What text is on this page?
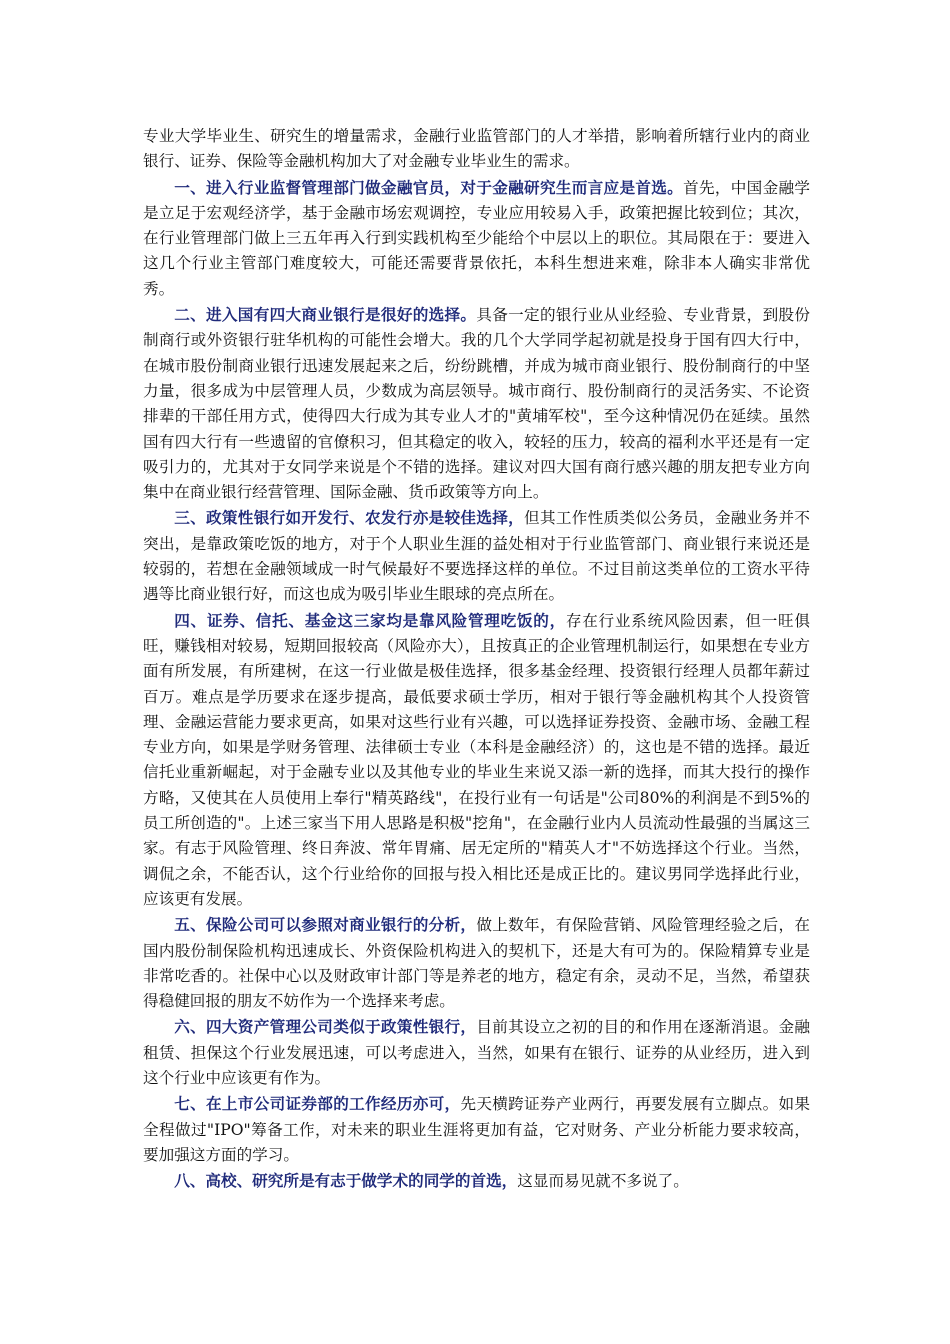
专业大学毕业生、研究生的增量需求，金融行业监管部门的人才举措，影响着所辖行业内的商业银行、证券、保险等金融机构加大了对金融专业毕业生的需求。

一、进入行业监督管理部门做金融官员，对于金融研究生而言应是首选。首先，中国金融学是立足于宏观经济学，基于金融市场宏观调控，专业应用较易入手，政策把握比较到位；其次，在行业管理部门做上三五年再入行到实践机构至少能给个中层以上的职位。其局限在于：要进入这几个行业主管部门难度较大，可能还需要背景依托，本科生想进来难，除非本人确实非常优秀。

二、进入国有四大商业银行是很好的选择。具备一定的银行业从业经验、专业背景，到股份制商行或外资银行驻华机构的可能性会增大。我的几个大学同学起初就是投身于国有四大行中，在城市股份制商业银行迅速发展起来之后，纷纷跳槽，并成为城市商业银行、股份制商行的中坚力量，很多成为中层管理人员，少数成为高层领导。城市商行、股份制商行的灵活务实、不论资排辈的干部任用方式，使得四大行成为其专业人才的"黄埔军校"，至今这种情况仍在延续。虽然国有四大行有一些遗留的官僚积习，但其稳定的收入，较轻的压力，较高的福利水平还是有一定吸引力的，尤其对于女同学来说是个不错的选择。建议对四大国有商行感兴趣的朋友把专业方向集中在商业银行经营管理、国际金融、货币政策等方向上。

三、政策性银行如开发行、农发行亦是较佳选择，但其工作性质类似公务员，金融业务并不突出，是靠政策吃饭的地方，对于个人职业生涯的益处相对于行业监管部门、商业银行来说还是较弱的，若想在金融领域成一时气候最好不要选择这样的单位。不过目前这类单位的工资水平待遇等比商业银行好，而这也成为吸引毕业生眼球的亮点所在。

四、证券、信托、基金这三家均是靠风险管理吃饭的，存在行业系统风险因素，但一旺俱旺，赚钱相对较易，短期回报较高（风险亦大），且按真正的企业管理机制运行，如果想在专业方面有所发展，有所建树，在这一行业做是极佳选择，很多基金经理、投资银行经理人员都年薪过百万。难点是学历要求在逐步提高，最低要求硕士学历，相对于银行等金融机构其个人投资管理、金融运营能力要求更高，如果对这些行业有兴趣，可以选择证券投资、金融市场、金融工程专业方向，如果是学财务管理、法律硕士专业（本科是金融经济）的，这也是不错的选择。最近信托业重新崛起，对于金融专业以及其他专业的毕业生来说又添一新的选择，而其大投行的操作方略，又使其在人员使用上奉行"精英路线"，在投行业有一句话是"公司80%的利润是不到5%的员工所创造的"。上述三家当下用人思路是积极"挖角"，在金融行业内人员流动性最强的当属这三家。有志于风险管理、终日奔波、常年胃痛、居无定所的"精英人才"不妨选择这个行业。当然，调侃之余，不能否认，这个行业给你的回报与投入相比还是成正比的。建议男同学选择此行业，应该更有发展。

五、保险公司可以参照对商业银行的分析，做上数年，有保险营销、风险管理经验之后，在国内股份制保险机构迅速成长、外资保险机构进入的契机下，还是大有可为的。保险精算专业是非常吃香的。社保中心以及财政审计部门等是养老的地方，稳定有余，灵动不足，当然，希望获得稳健回报的朋友不妨作为一个选择来考虑。

六、四大资产管理公司类似于政策性银行，目前其设立之初的目的和作用在逐渐消退。金融租赁、担保这个行业发展迅速，可以考虑进入，当然，如果有在银行、证券的从业经历，进入到这个行业中应该更有作为。

七、在上市公司证券部的工作经历亦可，先天横跨证券产业两行，再要发展有立脚点。如果全程做过"IPO"筹备工作，对未来的职业生涯将更加有益，它对财务、产业分析能力要求较高，要加强这方面的学习。

八、高校、研究所是有志于做学术的同学的首选，这显而易见就不多说了。
